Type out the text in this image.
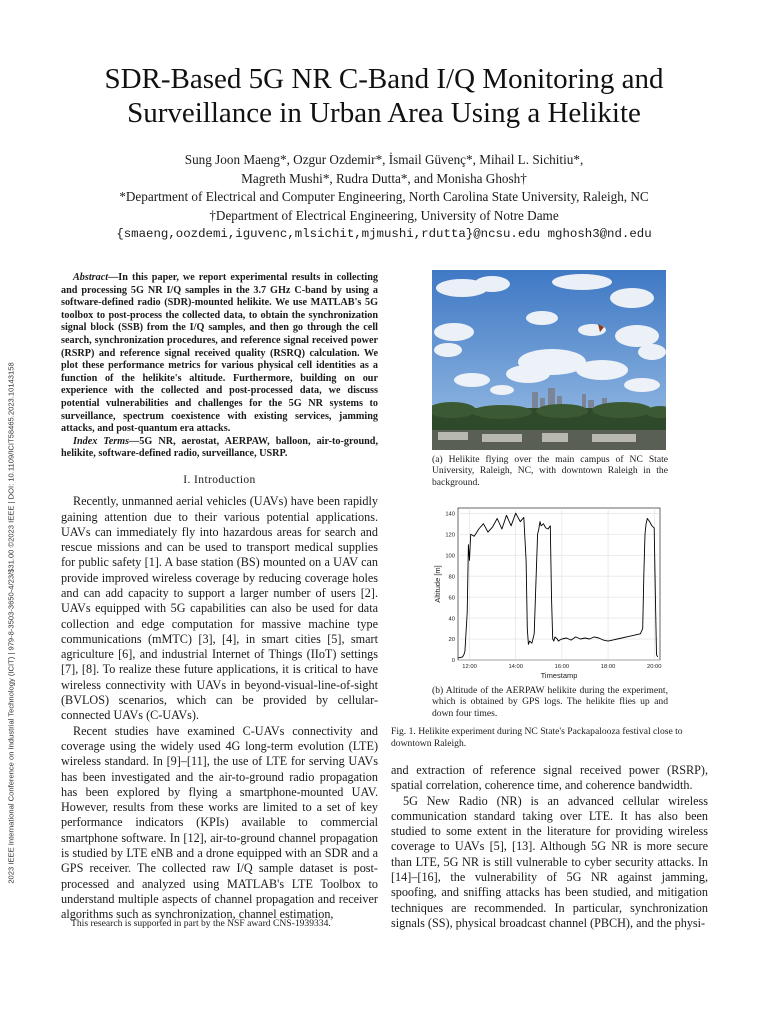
2023 IEEE International Conference on Industrial Technology (ICIT) | 979-8-3503-3650-4/23/$31.00 ©2023 IEEE | DOI: 10.1109/ICIT58465.2023.10143158
SDR-Based 5G NR C-Band I/Q Monitoring and Surveillance in Urban Area Using a Helikite
Sung Joon Maeng*, Ozgur Ozdemir*, İsmail Güvenç*, Mihail L. Sichitiu*,
Magreth Mushi*, Rudra Dutta*, and Monisha Ghosh†
*Department of Electrical and Computer Engineering, North Carolina State University, Raleigh, NC
†Department of Electrical Engineering, University of Notre Dame
{smaeng,oozdemi,iguvenc,mlsichit,mjmushi,rdutta}@ncsu.edu mghosh3@nd.edu

Abstract—In this paper, we report experimental results in collecting and processing 5G NR I/Q samples in the 3.7 GHz C-band by using a software-defined radio (SDR)-mounted helikite. We use MATLAB's 5G toolbox to post-process the collected data, to obtain the synchronization signal block (SSB) from the I/Q samples, and then go through the cell search, synchronization procedures, and reference signal received power (RSRP) and reference signal received quality (RSRQ) calculation. We plot these performance metrics for various physical cell identities as a function of the helikite's altitude. Furthermore, building on our experience with the collected and post-processed data, we discuss potential vulnerabilities and challenges for the 5G NR systems to surveillance, spectrum coexistence with existing services, jamming attacks, and post-quantum era attacks.

Index Terms—5G NR, aerostat, AERPAW, balloon, air-to-ground, helikite, software-defined radio, surveillance, USRP.

I. Introduction

Recently, unmanned aerial vehicles (UAVs) have been rapidly gaining attention due to their various potential applications. UAVs can immediately fly into hazardous areas for search and rescue missions and can be used to transport medical supplies for public safety [1]. A base station (BS) mounted on a UAV can provide improved wireless coverage by reducing coverage holes and can add capacity to support a larger number of users [2]. UAVs equipped with 5G capabilities can also be used for data collection and edge computation for massive machine type communications (mMTC) [3], [4], in smart cities [5], smart agriculture [6], and industrial Internet of Things (IIoT) settings [7], [8]. To realize these future applications, it is critical to have wireless connectivity with UAVs in beyond-visual-line-of-sight (BVLOS) scenarios, which can be provided by cellular-connected UAVs (C-UAVs).

Recent studies have examined C-UAVs connectivity and coverage using the widely used 4G long-term evolution (LTE) wireless standard. In [9]–[11], the use of LTE for serving UAVs has been investigated and the air-to-ground radio propagation has been explored by flying a smartphone-mounted UAV. However, results from these works are limited to a set of key performance indicators (KPIs) available to commercial smartphone software. In [12], air-to-ground channel propagation is studied by LTE eNB and a drone equipped with an SDR and a GPS receiver. The collected raw I/Q sample dataset is post-processed and analyzed using MATLAB's LTE Toolbox to understand multiple aspects of channel propagation and receiver algorithms such as synchronization, channel estimation,

This research is supported in part by the NSF award CNS-1939334.
(a) Helikite flying over the main campus of NC State University, Raleigh, NC, with downtown Raleigh in the background.
0
20
40
60
80
100
120
140
12:00	14:00	16:00	18:00	20:00
Timestamp
Altitude [m]
(b) Altitude of the AERPAW helikite during the experiment, which is obtained by GPS logs. The helikite flies up and down four times.
Fig. 1. Helikite experiment during NC State's Packapalooza festival close to downtown Raleigh.

and extraction of reference signal received power (RSRP), spatial correlation, coherence time, and coherence bandwidth.

5G New Radio (NR) is an advanced cellular wireless communication standard taking over LTE. It has also been studied to some extent in the literature for providing wireless coverage to UAVs [5], [13]. Although 5G NR is more secure than LTE, 5G NR is still vulnerable to cyber security attacks. In [14]–[16], the vulnerability of 5G NR against jamming, spoofing, and sniffing attacks has been studied, and mitigation techniques are recommended. In particular, synchronization signals (SS), physical broadcast channel (PBCH), and the physi-
